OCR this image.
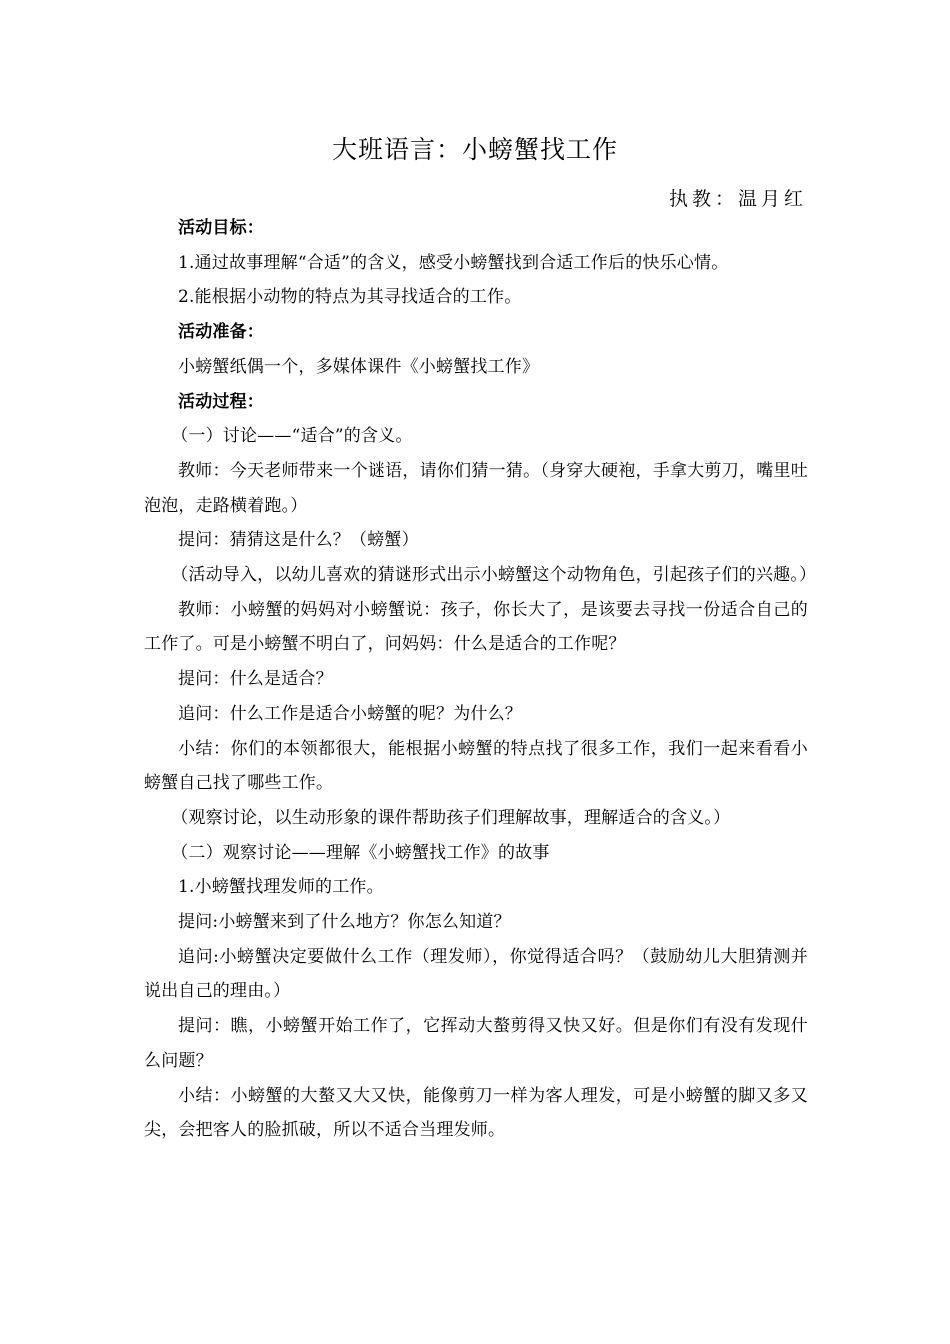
大班语言：小螃蟹找工作
执教：温月红

活动目标：

1.通过故事理解“合适”的含义，感受小螃蟹找到合适工作后的快乐心情。

2.能根据小动物的特点为其寻找适合的工作。

活动准备：

小螃蟹纸偶一个，多媒体课件《小螃蟹找工作》

活动过程：

（一）讨论——“适合”的含义。

教师：今天老师带来一个谜语，请你们猜一猜。（身穿大硬袍，手拿大剪刀，嘴里吐泡泡，走路横着跑。）

提问：猜猜这是什么？（螃蟹）

（活动导入，以幼儿喜欢的猜谜形式出示小螃蟹这个动物角色，引起孩子们的兴趣。）

教师：小螃蟹的妈妈对小螃蟹说：孩子，你长大了，是该要去寻找一份适合自己的工作了。可是小螃蟹不明白了，问妈妈：什么是适合的工作呢？

提问：什么是适合？

追问：什么工作是适合小螃蟹的呢？为什么？

小结：你们的本领都很大，能根据小螃蟹的特点找了很多工作，我们一起来看看小螃蟹自己找了哪些工作。

（观察讨论，以生动形象的课件帮助孩子们理解故事，理解适合的含义。）

（二）观察讨论——理解《小螃蟹找工作》的故事

1.小螃蟹找理发师的工作。

提问:小螃蟹来到了什么地方？你怎么知道？

追问:小螃蟹决定要做什么工作（理发师），你觉得适合吗？（鼓励幼儿大胆猜测并说出自己的理由。）

提问：瞧，小螃蟹开始工作了，它挥动大螯剪得又快又好。但是你们有没有发现什么问题？

小结：小螃蟹的大螯又大又快，能像剪刀一样为客人理发，可是小螃蟹的脚又多又尖，会把客人的脸抓破，所以不适合当理发师。
